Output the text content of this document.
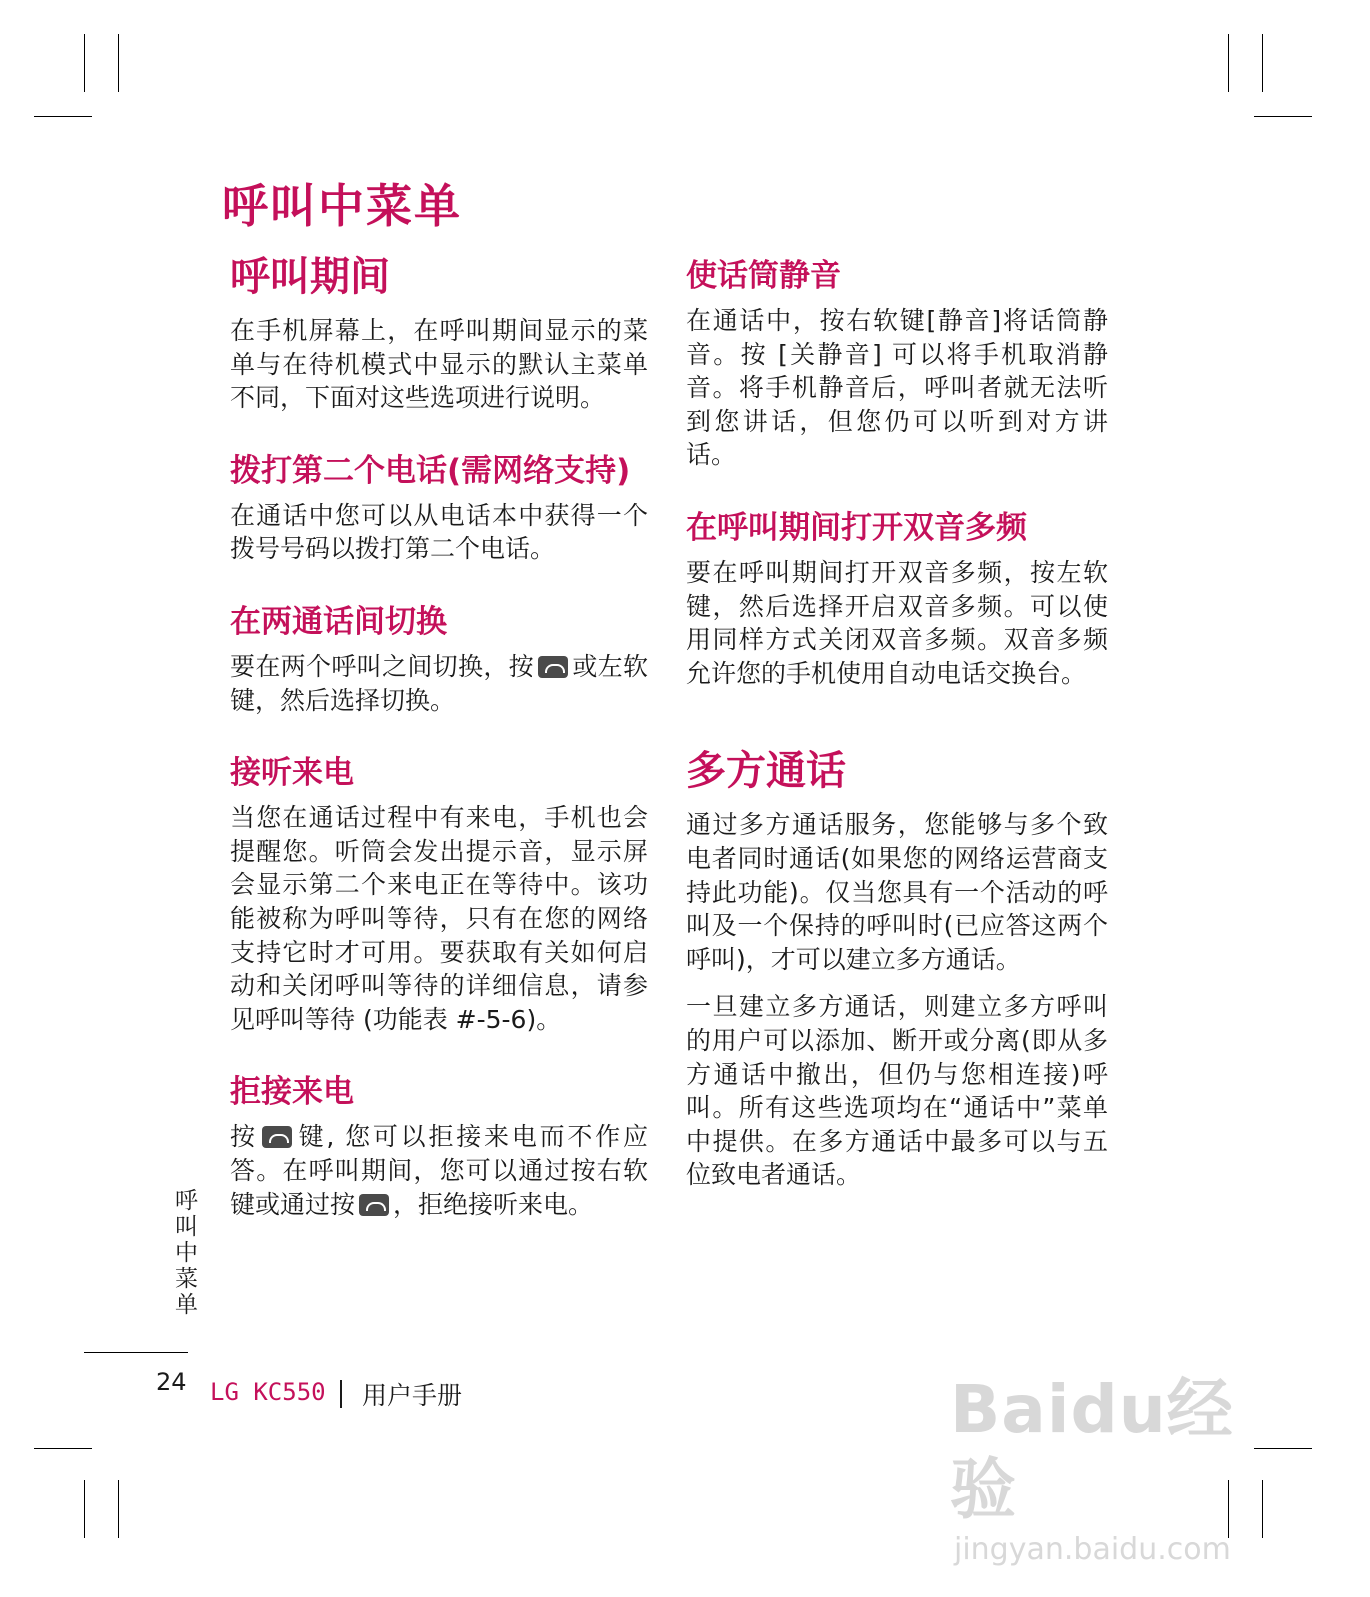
呼叫中菜单
呼叫期间

在手机屏幕上，在呼叫期间显示的菜单与在待机模式中显示的默认主菜单不同，下面对这些选项进行说明。

拨打第二个电话(需网络支持)

在通话中您可以从电话本中获得一个拨号号码以拨打第二个电话。

在两通话间切换

要在两个呼叫之间切换，按 或左软键，然后选择切换。

接听来电

当您在通话过程中有来电，手机也会提醒您。听筒会发出提示音，显示屏会显示第二个来电正在等待中。该功能被称为呼叫等待，只有在您的网络支持它时才可用。要获取有关如何启动和关闭呼叫等待的详细信息，请参见呼叫等待 (功能表 #-5-6)。

拒接来电

按 键, 您可以拒接来电而不作应答。在呼叫期间，您可以通过按右软键或通过按 ，拒绝接听来电。

使话筒静音

在通话中，按右软键[静音]将话筒静音。按 [关静音] 可以将手机取消静音。将手机静音后，呼叫者就无法听到您讲话，但您仍可以听到对方讲话。

在呼叫期间打开双音多频

要在呼叫期间打开双音多频，按左软键，然后选择开启双音多频。可以使用同样方式关闭双音多频。双音多频允许您的手机使用自动电话交换台。

多方通话

通过多方通话服务，您能够与多个致电者同时通话(如果您的网络运营商支持此功能)。仅当您具有一个活动的呼叫及一个保持的呼叫时(已应答这两个呼叫)，才可以建立多方通话。

一旦建立多方通话，则建立多方呼叫的用户可以添加、断开或分离(即从多方通话中撤出，但仍与您相连接)呼叫。所有这些选项均在“通话中”菜单中提供。在多方通话中最多可以与五位致电者通话。

呼叫中菜单
24 LG KC550 用户手册	Baidu经验
jingyan.baidu.com
